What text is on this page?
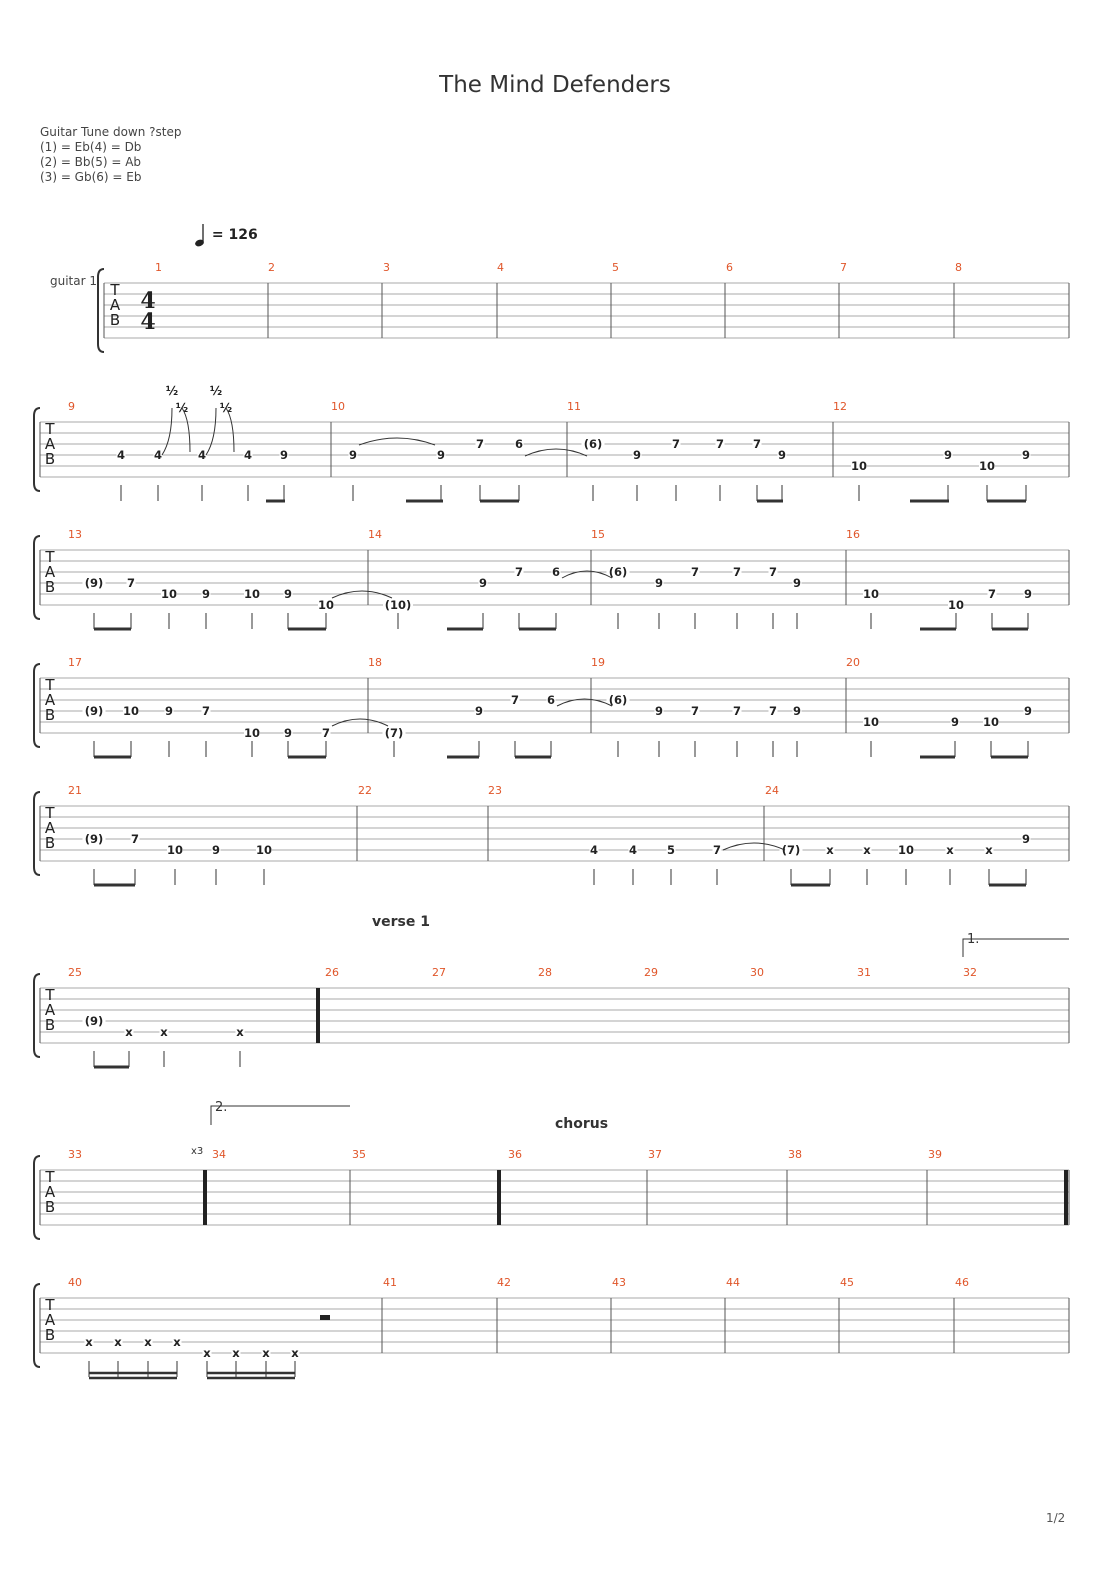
The Mind Defenders
Guitar Tune down ?step
(1) = Eb(4) = Db
(2) = Bb(5) = Ab
(3) = Gb(6) = Eb
= 126
guitar 1
verse 1
chorus
1/2
T
A
B
1	2	3	4	5	6	7	8
T
A
B
9	10	11	12
4	4	4	4 9	9	9
7	6	(6)
9
7	7	7
9
10
9
10
9
T
A
B
13	14	15	16
(9) 7
10 9	10 9
10	(10)
9
7	6	(6)
9
7	7 7
9
10
10
7 9
T
A
B
17	18	19	20
(9) 10 9	7
10 9	7	(7)
9
7 6	(6)
9 7	7 7 9
10	9 10
9
T
A
B
21	22	23	24
(9) 7
10	9	10	4	4	5	7	(7) x	x 10	x	x
9
T
A
B
25	26	27	28	29	30	31	32
(9)
x x	x
T
A
B
33	34	35	36	37	38	39
T
A
B
40	41	42	43	44	45	46
x x x x
x x x x
4
4
½
½
½
½
1.
2.
x3
